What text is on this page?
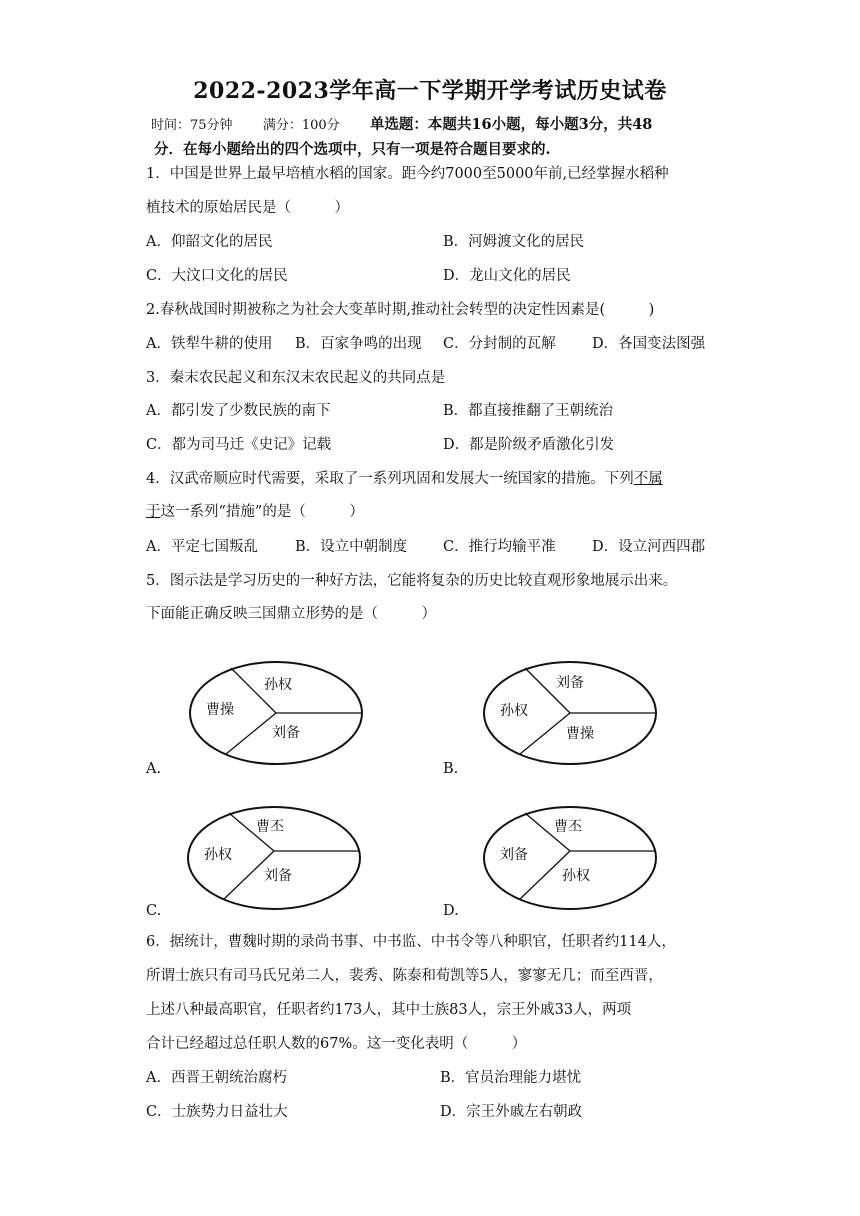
2022-2023学年高一下学期开学考试历史试卷
时间：75分钟 满分：100分 单选题：本题共16小题，每小题3分，共48
分．在每小题给出的四个选项中，只有一项是符合题目要求的.
1．中国是世界上最早培植水稻的国家。距今约7000至5000年前,已经掌握水稻种
植技术的原始居民是（　　　）
A．仰韶文化的居民	B．河姆渡文化的居民
C．大汶口文化的居民	D．龙山文化的居民
2.春秋战国时期被称之为社会大变革时期,推动社会转型的决定性因素是(　　　)
A．铁犁牛耕的使用 B．百家争鸣的出现 C．分封制的瓦解	D．各国变法图强
3．秦末农民起义和东汉末农民起义的共同点是
A．都引发了少数民族的南下	B．都直接推翻了王朝统治
C．都为司马迁《史记》记载	D．都是阶级矛盾激化引发
4．汉武帝顺应时代需要，采取了一系列巩固和发展大一统国家的措施。下列不属
于这一系列“措施”的是（　　　）
A．平定七国叛乱	B．设立中朝制度 C．推行均输平准	D．设立河西四郡
5．图示法是学习历史的一种好方法，它能将复杂的历史比较直观形象地展示出来。
下面能正确反映三国鼎立形势的是（　　　）
曹操
孙权
刘备
A.
孙权
刘备
曹操
B.
孙权
曹丕
刘备
C.
刘备
曹丕
孙权
D.
6．据统计，曹魏时期的录尚书事、中书监、中书令等八种职官，任职者约114人，
所谓士族只有司马氏兄弟二人，裴秀、陈泰和荀凯等5人，寥寥无几；而至西晋，
上述八种最高职官，任职者约173人，其中士族83人，宗王外戚33人，两项
合计已经超过总任职人数的67%。这一变化表明（　　　）
A．西晋王朝统治腐朽	B．官员治理能力堪忧
C．士族势力日益壮大	D．宗王外戚左右朝政
